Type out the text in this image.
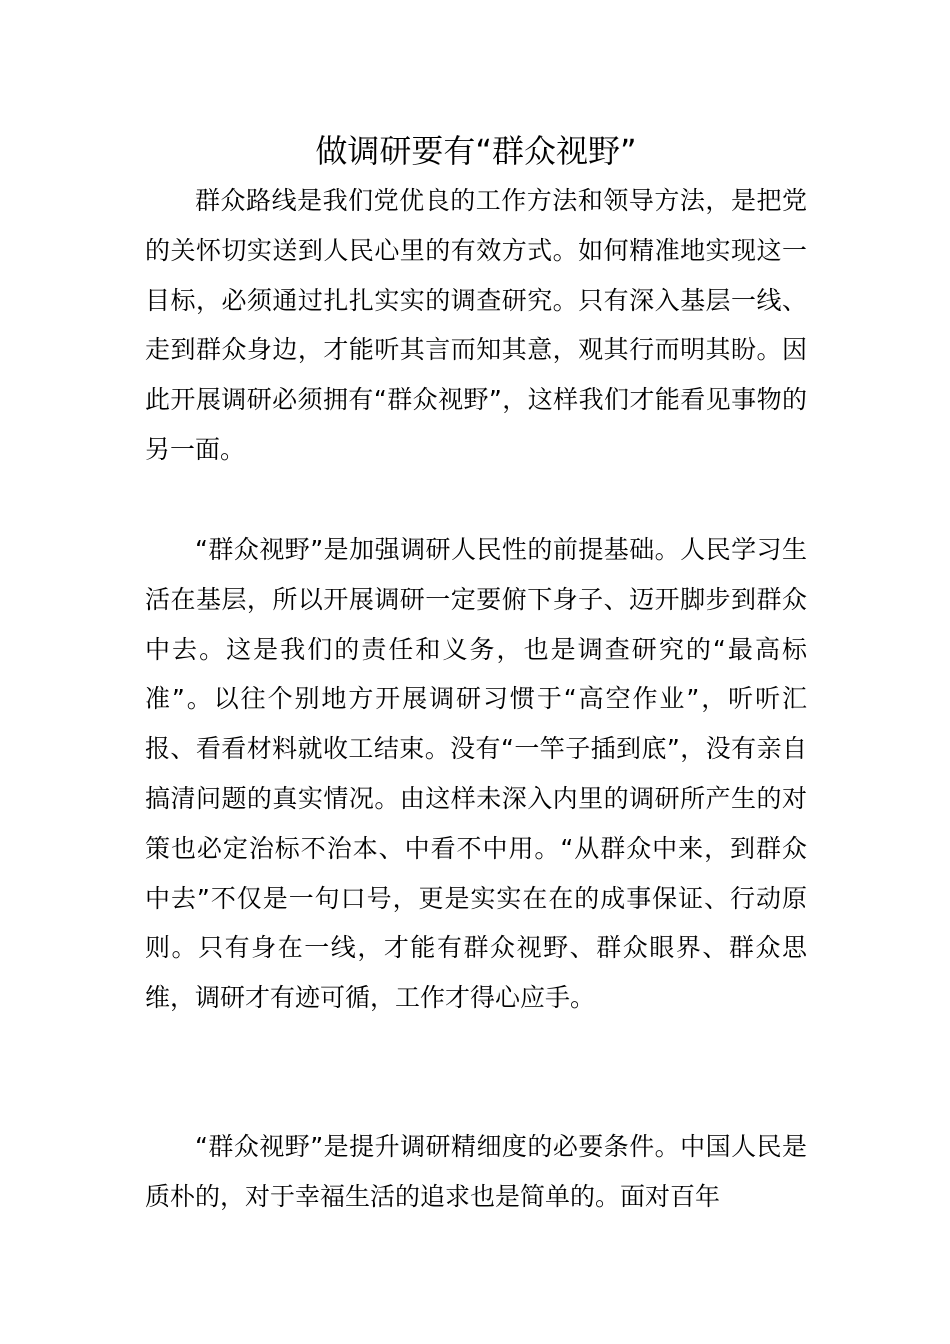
做调研要有“群众视野”

群众路线是我们党优良的工作方法和领导方法，是把党的关怀切实送到人民心里的有效方式。如何精准地实现这一目标，必须通过扎扎实实的调查研究。只有深入基层一线、走到群众身边，才能听其言而知其意，观其行而明其盼。因此开展调研必须拥有“群众视野”，这样我们才能看见事物的另一面。

“群众视野”是加强调研人民性的前提基础。人民学习生活在基层，所以开展调研一定要俯下身子、迈开脚步到群众中去。这是我们的责任和义务，也是调查研究的“最高标准”。以往个别地方开展调研习惯于“高空作业”，听听汇报、看看材料就收工结束。没有“一竿子插到底”，没有亲自搞清问题的真实情况。由这样未深入内里的调研所产生的对策也必定治标不治本、中看不中用。“从群众中来，到群众中去”不仅是一句口号，更是实实在在的成事保证、行动原则。只有身在一线，才能有群众视野、群众眼界、群众思维，调研才有迹可循，工作才得心应手。

“群众视野”是提升调研精细度的必要条件。中国人民是质朴的，对于幸福生活的追求也是简单的。面对百年
